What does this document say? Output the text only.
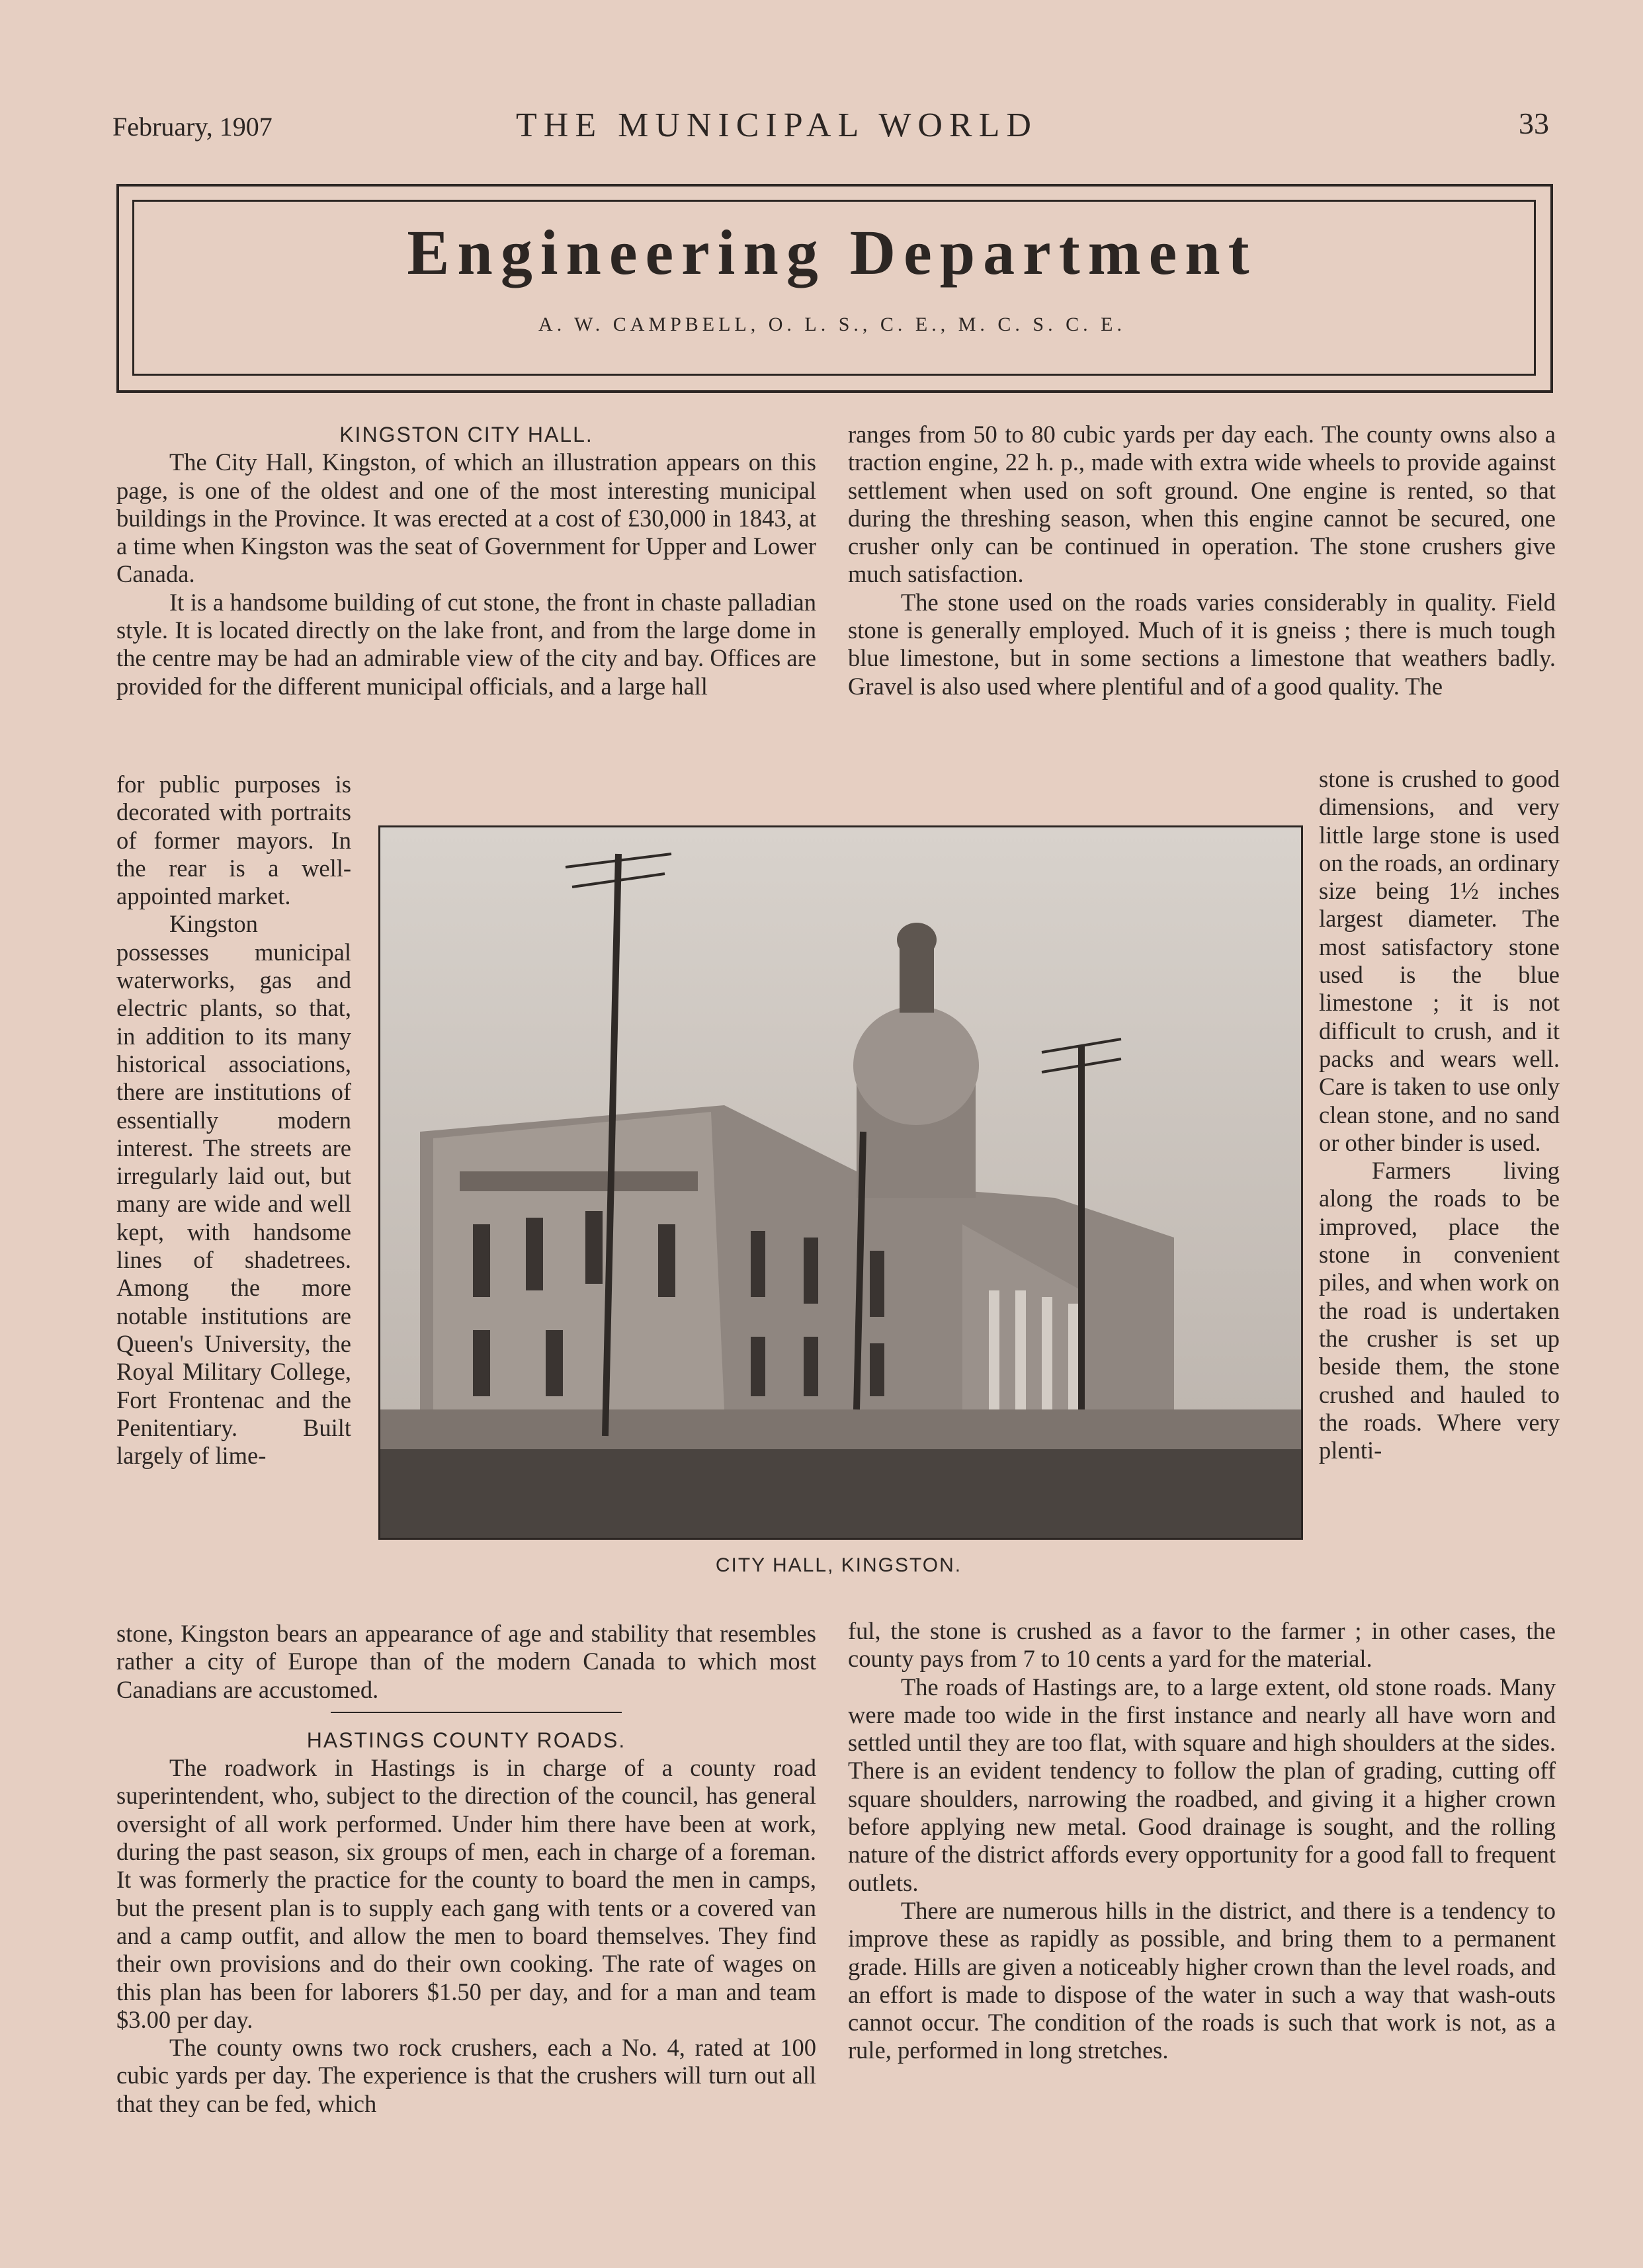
February, 1907	THE MUNICIPAL WORLD	33
Engineering Department
A. W. CAMPBELL, O. L. S., C. E., M. C. S. C. E.
KINGSTON CITY HALL.

The City Hall, Kingston, of which an illustration appears on this page, is one of the oldest and one of the most interesting municipal buildings in the Province. It was erected at a cost of £30,000 in 1843, at a time when Kingston was the seat of Government for Upper and Lower Canada.

It is a handsome building of cut stone, the front in chaste palladian style. It is located directly on the lake front, and from the large dome in the centre may be had an admirable view of the city and bay. Offices are provided for the different municipal officials, and a large hall

for public purposes is decorated with portraits of former mayors. In the rear is a well-appointed market.

Kingston possesses municipal waterworks, gas and electric plants, so that, in addition to its many historical associations, there are institutions of essentially modern interest. The streets are irregularly laid out, but many are wide and well kept, with handsome lines of shadetrees. Among the more notable institutions are Queen's University, the Royal Military College, Fort Frontenac and the Penitentiary. Built largely of lime-

CITY HALL, KINGSTON.

stone, Kingston bears an appearance of age and stability that resembles rather a city of Europe than of the modern Canada to which most Canadians are accustomed.

HASTINGS COUNTY ROADS.

The roadwork in Hastings is in charge of a county road superintendent, who, subject to the direction of the council, has general oversight of all work performed. Under him there have been at work, during the past season, six groups of men, each in charge of a foreman. It was formerly the practice for the county to board the men in camps, but the present plan is to supply each gang with tents or a covered van and a camp outfit, and allow the men to board themselves. They find their own provisions and do their own cooking. The rate of wages on this plan has been for laborers $1.50 per day, and for a man and team $3.00 per day.

The county owns two rock crushers, each a No. 4, rated at 100 cubic yards per day. The experience is that the crushers will turn out all that they can be fed, which

ranges from 50 to 80 cubic yards per day each. The county owns also a traction engine, 22 h. p., made with extra wide wheels to provide against settlement when used on soft ground. One engine is rented, so that during the threshing season, when this engine cannot be secured, one crusher only can be continued in operation. The stone crushers give much satisfaction.

The stone used on the roads varies considerably in quality. Field stone is generally employed. Much of it is gneiss ; there is much tough blue limestone, but in some sections a limestone that weathers badly. Gravel is also used where plentiful and of a good quality. The

stone is crushed to good dimensions, and very little large stone is used on the roads, an ordinary size being 1½ inches largest diameter. The most satisfactory stone used is the blue limestone ; it is not difficult to crush, and it packs and wears well. Care is taken to use only clean stone, and no sand or other binder is used.

Farmers living along the roads to be improved, place the stone in convenient piles, and when work on the road is undertaken the crusher is set up beside them, the stone crushed and hauled to the roads. Where very plenti-

ful, the stone is crushed as a favor to the farmer ; in other cases, the county pays from 7 to 10 cents a yard for the material.

The roads of Hastings are, to a large extent, old stone roads. Many were made too wide in the first instance and nearly all have worn and settled until they are too flat, with square and high shoulders at the sides. There is an evident tendency to follow the plan of grading, cutting off square shoulders, narrowing the roadbed, and giving it a higher crown before applying new metal. Good drainage is sought, and the rolling nature of the district affords every opportunity for a good fall to frequent outlets.

There are numerous hills in the district, and there is a tendency to improve these as rapidly as possible, and bring them to a permanent grade. Hills are given a noticeably higher crown than the level roads, and an effort is made to dispose of the water in such a way that wash-outs cannot occur. The condition of the roads is such that work is not, as a rule, performed in long stretches.
